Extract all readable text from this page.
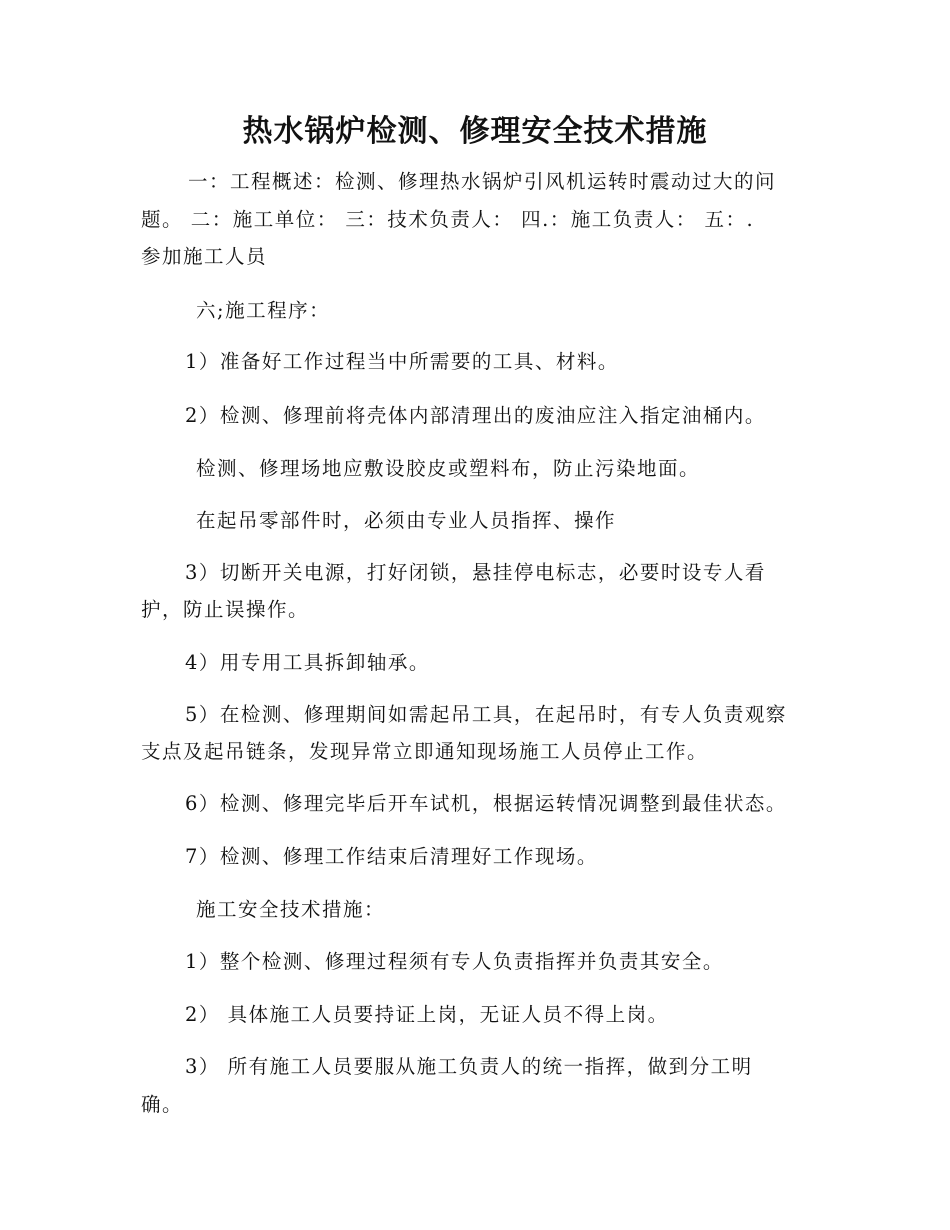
热水锅炉检测、修理安全技术措施
一：工程概述：检测、修理热水锅炉引风机运转时震动过大的问
题。 二：施工单位： 三：技术负责人： 四.：施工负责人： 五：.
参加施工人员
六;施工程序：
1）准备好工作过程当中所需要的工具、材料。
2）检测、修理前将壳体内部清理出的废油应注入指定油桶内。
检测、修理场地应敷设胶皮或塑料布，防止污染地面。
在起吊零部件时，必须由专业人员指挥、操作
3）切断开关电源，打好闭锁，悬挂停电标志，必要时设专人看
护，防止误操作。
4）用专用工具拆卸轴承。
5）在检测、修理期间如需起吊工具，在起吊时，有专人负责观察
支点及起吊链条，发现异常立即通知现场施工人员停止工作。
6）检测、修理完毕后开车试机，根据运转情况调整到最佳状态。
7）检测、修理工作结束后清理好工作现场。
施工安全技术措施：
1）整个检测、修理过程须有专人负责指挥并负责其安全。
2） 具体施工人员要持证上岗，无证人员不得上岗。
3） 所有施工人员要服从施工负责人的统一指挥，做到分工明
确。
